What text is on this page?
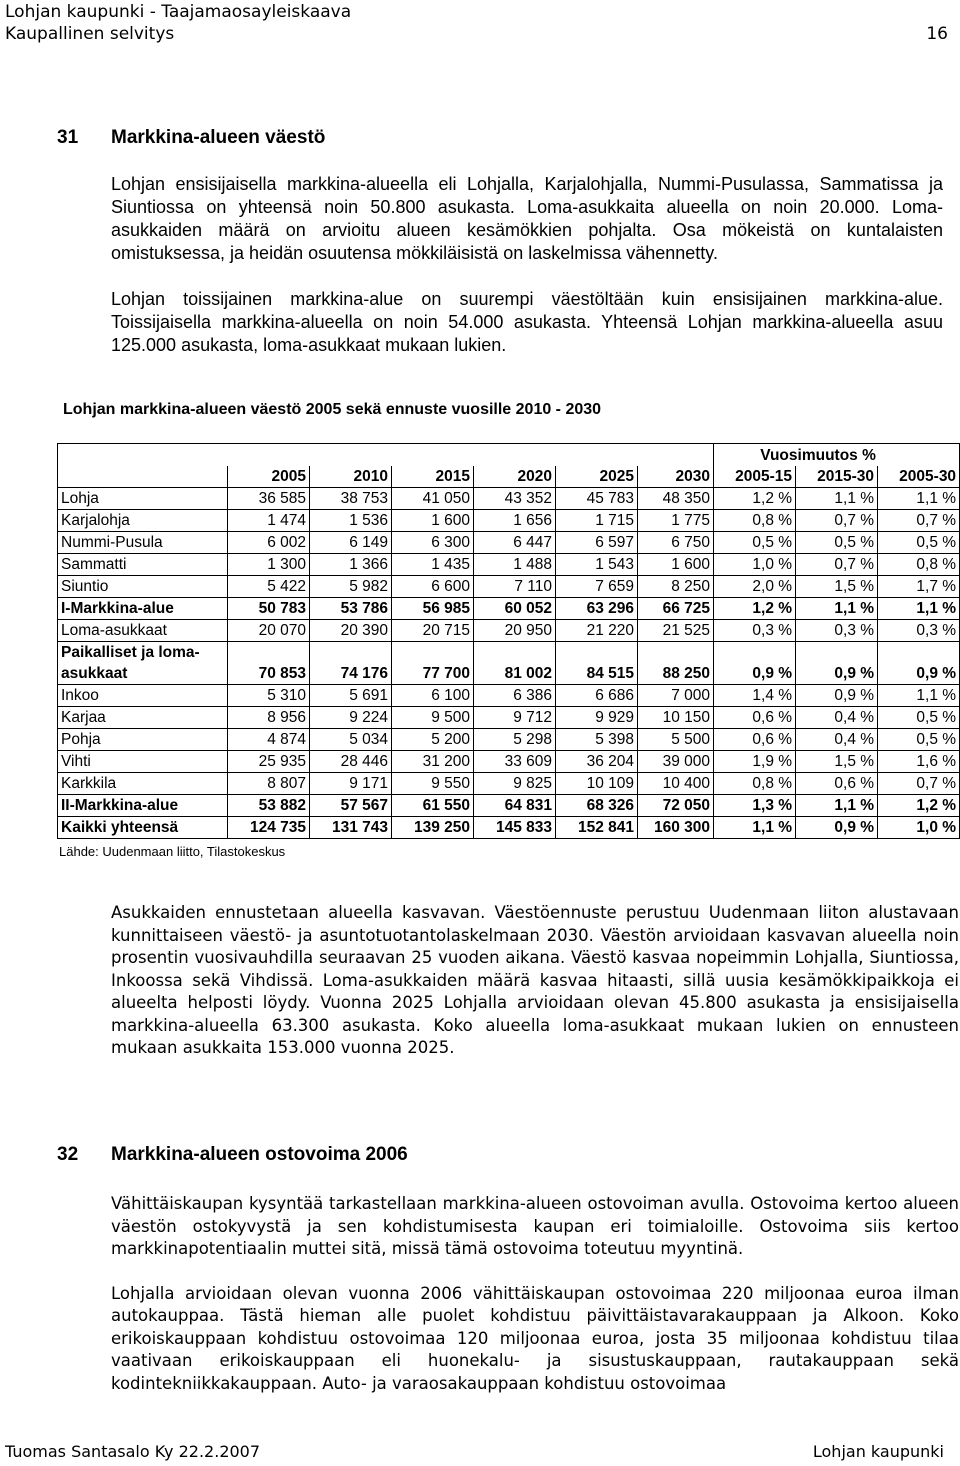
Lohjan kaupunki - Taajamaosayleiskaava
Kaupallinen selvitys	16
31 Markkina-alueen väestö

Lohjan ensisijaisella markkina-alueella eli Lohjalla, Karjalohjalla, Nummi-Pusulassa, Sammatissa ja Siuntiossa on yhteensä noin 50.800 asukasta. Loma-asukkaita alueella on noin 20.000. Loma-asukkaiden määrä on arvioitu alueen kesämökkien pohjalta. Osa mökeistä on kuntalaisten omistuksessa, ja heidän osuutensa mökkiläisistä on laskelmissa vähennetty.

Lohjan toissijainen markkina-alue on suurempi väestöltään kuin ensisijainen markkina-alue. Toissijaisella markkina-alueella on noin 54.000 asukasta. Yhteensä Lohjan markkina-alueella asuu 125.000 asukasta, loma-asukkaat mukaan lukien.

Lohjan markkina-alueen väestö 2005 sekä ennuste vuosille 2010 - 2030
							Vuosimuutos %		
	2005	2010	2015	2020	2025	2030	2005-15	2015-30	2005-30
Lohja	36 585	38 753	41 050	43 352	45 783	48 350	1,2 %	1,1 %	1,1 %
Karjalohja	1 474	1 536	1 600	1 656	1 715	1 775	0,8 %	0,7 %	0,7 %
Nummi-Pusula	6 002	6 149	6 300	6 447	6 597	6 750	0,5 %	0,5 %	0,5 %
Sammatti	1 300	1 366	1 435	1 488	1 543	1 600	1,0 %	0,7 %	0,8 %
Siuntio	5 422	5 982	6 600	7 110	7 659	8 250	2,0 %	1,5 %	1,7 %
I-Markkina-alue	50 783	53 786	56 985	60 052	63 296	66 725	1,2 %	1,1 %	1,1 %
Loma-asukkaat	20 070	20 390	20 715	20 950	21 220	21 525	0,3 %	0,3 %	0,3 %
Paikalliset ja loma-asukkaat	70 853	74 176	77 700	81 002	84 515	88 250	0,9 %	0,9 %	0,9 %
Inkoo	5 310	5 691	6 100	6 386	6 686	7 000	1,4 %	0,9 %	1,1 %
Karjaa	8 956	9 224	9 500	9 712	9 929	10 150	0,6 %	0,4 %	0,5 %
Pohja	4 874	5 034	5 200	5 298	5 398	5 500	0,6 %	0,4 %	0,5 %
Vihti	25 935	28 446	31 200	33 609	36 204	39 000	1,9 %	1,5 %	1,6 %
Karkkila	8 807	9 171	9 550	9 825	10 109	10 400	0,8 %	0,6 %	0,7 %
II-Markkina-alue	53 882	57 567	61 550	64 831	68 326	72 050	1,3 %	1,1 %	1,2 %
Kaikki yhteensä	124 735	131 743	139 250	145 833	152 841	160 300	1,1 %	0,9 %	1,0 %
Lähde: Uudenmaan liitto, Tilastokeskus

Asukkaiden ennustetaan alueella kasvavan. Väestöennuste perustuu Uudenmaan liiton alustavaan kunnittaiseen väestö- ja asuntotuotantolaskelmaan 2030. Väestön arvioidaan kasvavan alueella noin prosentin vuosivauhdilla seuraavan 25 vuoden aikana. Väestö kasvaa nopeimmin Lohjalla, Siuntiossa, Inkoossa sekä Vihdissä. Loma-asukkaiden määrä kasvaa hitaasti, sillä uusia kesämökkipaikkoja ei alueelta helposti löydy. Vuonna 2025 Lohjalla arvioidaan olevan 45.800 asukasta ja ensisijaisella markkina-alueella 63.300 asukasta. Koko alueella loma-asukkaat mukaan lukien on ennusteen mukaan asukkaita 153.000 vuonna 2025.

32 Markkina-alueen ostovoima 2006

Vähittäiskaupan kysyntää tarkastellaan markkina-alueen ostovoiman avulla. Ostovoima kertoo alueen väestön ostokyvystä ja sen kohdistumisesta kaupan eri toimialoille. Ostovoima siis kertoo markkinapotentiaalin muttei sitä, missä tämä ostovoima toteutuu myyntinä.

Lohjalla arvioidaan olevan vuonna 2006 vähittäiskaupan ostovoimaa 220 miljoonaa euroa ilman autokauppaa. Tästä hieman alle puolet kohdistuu päivittäistavarakauppaan ja Alkoon. Koko erikoiskauppaan kohdistuu ostovoimaa 120 miljoonaa euroa, josta 35 miljoonaa kohdistuu tilaa vaativaan erikoiskauppaan eli huonekalu- ja sisustuskauppaan, rautakauppaan sekä kodintekniikkakauppaan. Auto- ja varaosakauppaan kohdistuu ostovoimaa

Tuomas Santasalo Ky 22.2.2007	Lohjan kaupunki
